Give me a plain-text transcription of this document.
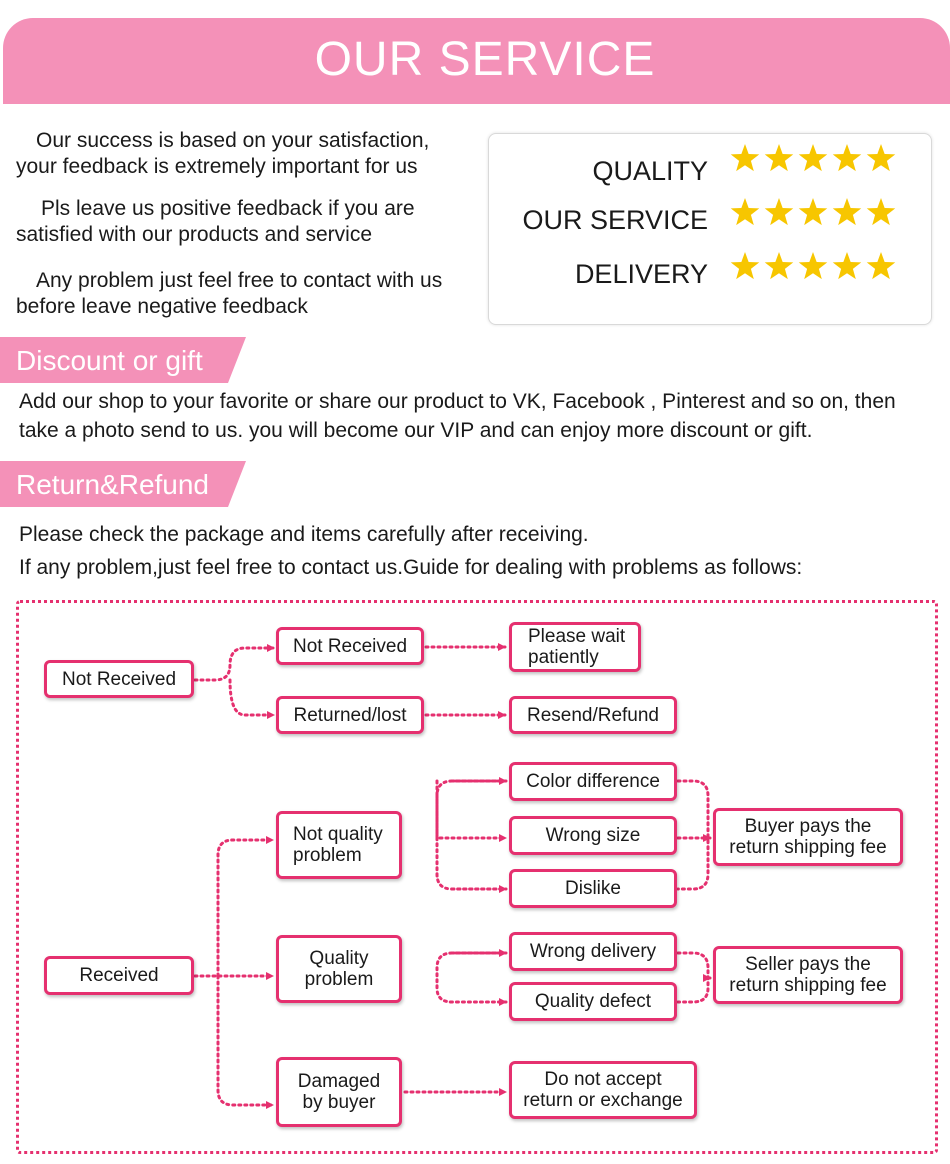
OUR SERVICE
Our success is based on your satisfaction,
your feedback is extremely important for us
Pls leave us positive feedback if you are
satisfied with our products and service
Any problem just feel free to contact with us
before leave negative feedback
QUALITY
OUR SERVICE
DELIVERY
Discount or gift
Add our shop to your favorite or share our product to VK, Facebook , Pinterest and so on, then
take a photo send to us. you will become our VIP and can enjoy more discount or gift.
Return&Refund
Please check the package and items carefully after receiving.
If any problem,just feel free to contact us.Guide for dealing with problems as follows:
Not Received
Not Received
Returned/lost
Please wait
patiently
Resend/Refund
Received
Not quality
problem
Quality
problem
Damaged
by buyer
Color difference
Wrong size
Dislike
Wrong delivery
Quality defect
Buyer pays the
return shipping fee
Seller pays the
return shipping fee
Do not accept
return or exchange
